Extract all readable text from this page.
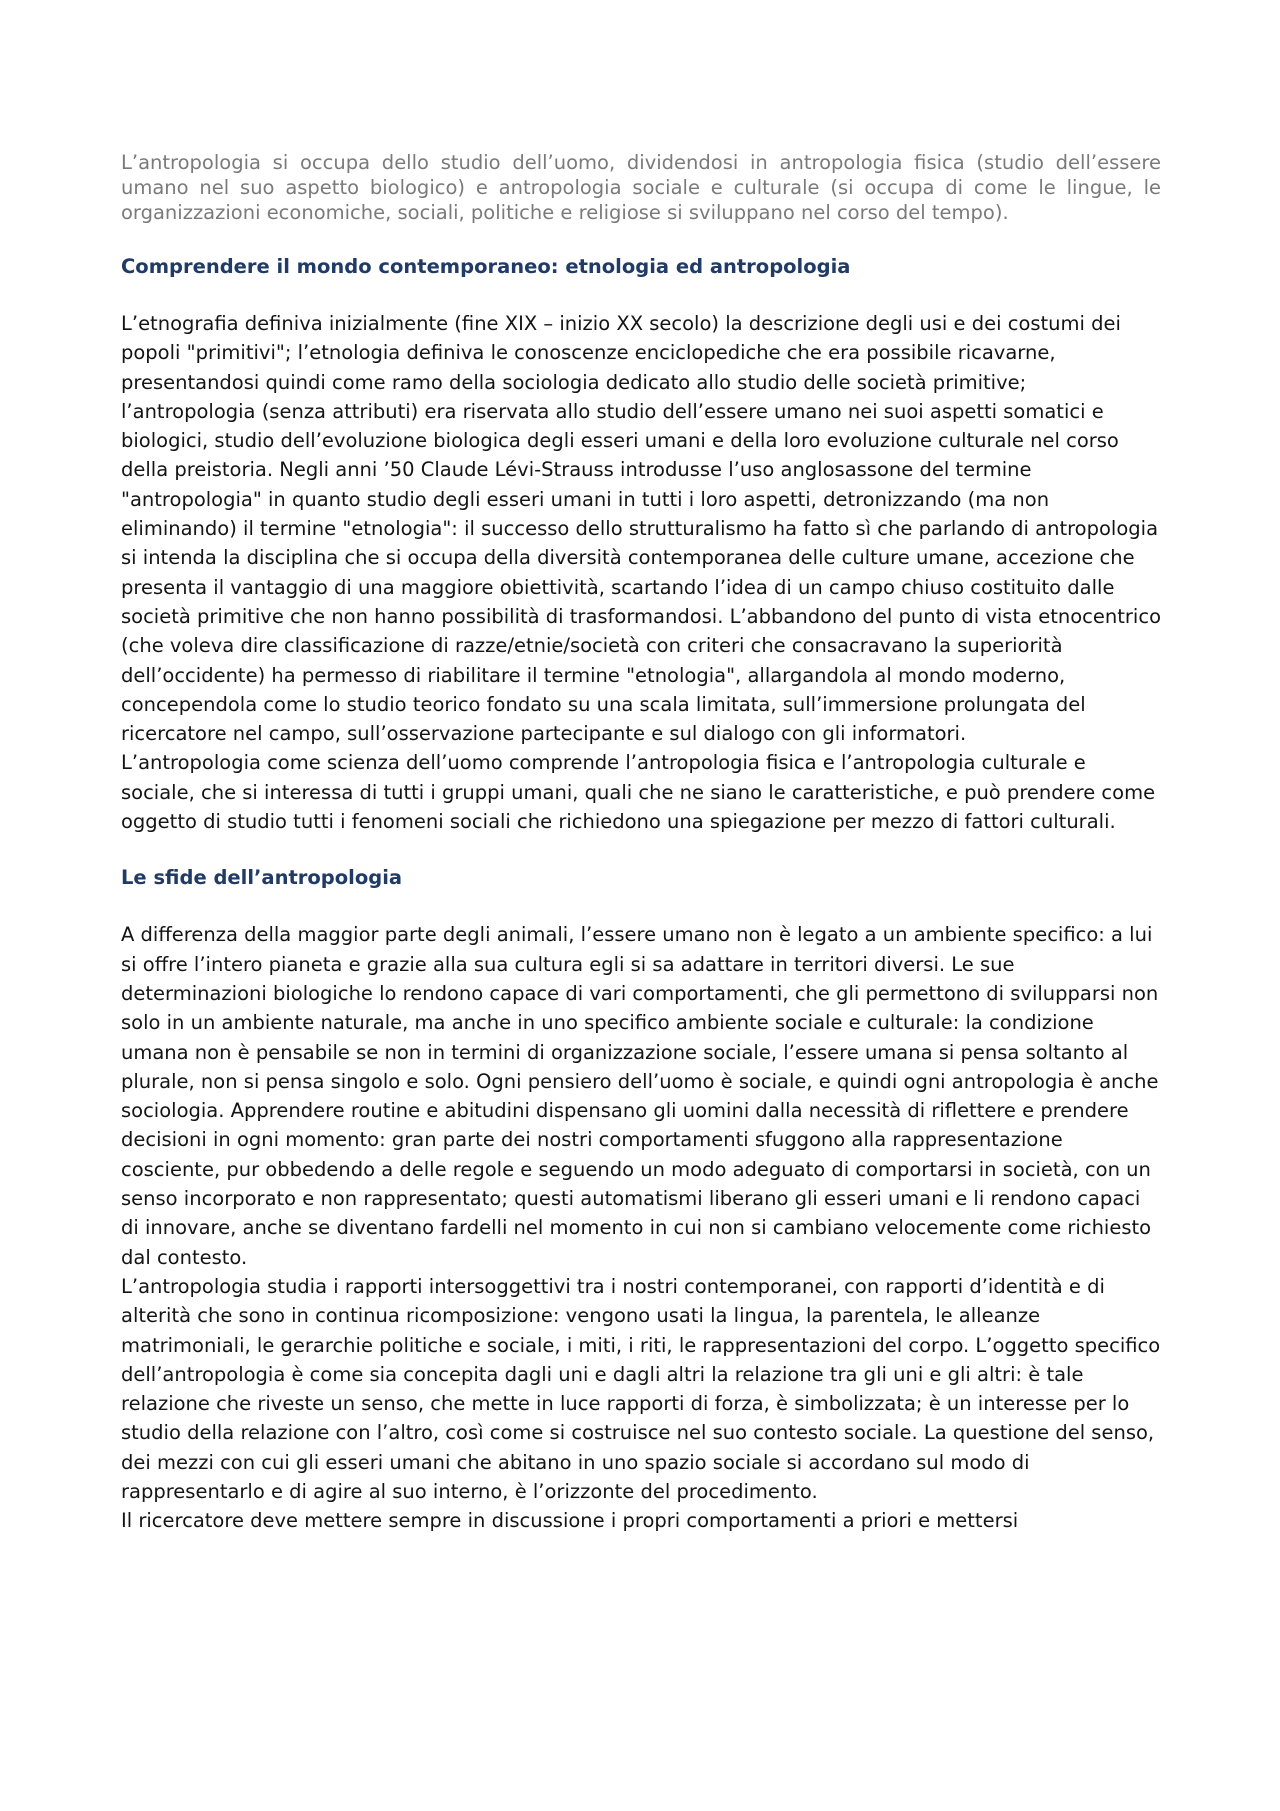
L’antropologia si occupa dello studio dell’uomo, dividendosi in antropologia fisica (studio dell’essere umano nel suo aspetto biologico) e antropologia sociale e culturale (si occupa di come le lingue, le organizzazioni economiche, sociali, politiche e religiose si sviluppano nel corso del tempo).

Comprendere il mondo contemporaneo: etnologia ed antropologia

L’etnografia definiva inizialmente (fine XIX – inizio XX secolo) la descrizione degli usi e dei costumi dei popoli "primitivi"; l’etnologia definiva le conoscenze enciclopediche che era possibile ricavarne, presentandosi quindi come ramo della sociologia dedicato allo studio delle società primitive; l’antropologia (senza attributi) era riservata allo studio dell’essere umano nei suoi aspetti somatici e biologici, studio dell’evoluzione biologica degli esseri umani e della loro evoluzione culturale nel corso della preistoria. Negli anni ’50 Claude Lévi-Strauss introdusse l’uso anglosassone del termine "antropologia" in quanto studio degli esseri umani in tutti i loro aspetti, detronizzando (ma non eliminando) il termine "etnologia": il successo dello strutturalismo ha fatto sì che parlando di antropologia si intenda la disciplina che si occupa della diversità contemporanea delle culture umane, accezione che presenta il vantaggio di una maggiore obiettività, scartando l’idea di un campo chiuso costituito dalle società primitive che non hanno possibilità di trasformandosi. L’abbandono del punto di vista etnocentrico (che voleva dire classificazione di razze/etnie/società con criteri che consacravano la superiorità dell’occidente) ha permesso di riabilitare il termine "etnologia", allargandola al mondo moderno, concependola come lo studio teorico fondato su una scala limitata, sull’immersione prolungata del ricercatore nel campo, sull’osservazione partecipante e sul dialogo con gli informatori.

L’antropologia come scienza dell’uomo comprende l’antropologia fisica e l’antropologia culturale e sociale, che si interessa di tutti i gruppi umani, quali che ne siano le caratteristiche, e può prendere come oggetto di studio tutti i fenomeni sociali che richiedono una spiegazione per mezzo di fattori culturali.

Le sfide dell’antropologia

A differenza della maggior parte degli animali, l’essere umano non è legato a un ambiente specifico: a lui si offre l’intero pianeta e grazie alla sua cultura egli si sa adattare in territori diversi. Le sue determinazioni biologiche lo rendono capace di vari comportamenti, che gli permettono di svilupparsi non solo in un ambiente naturale, ma anche in uno specifico ambiente sociale e culturale: la condizione umana non è pensabile se non in termini di organizzazione sociale, l’essere umana si pensa soltanto al plurale, non si pensa singolo e solo. Ogni pensiero dell’uomo è sociale, e quindi ogni antropologia è anche sociologia. Apprendere routine e abitudini dispensano gli uomini dalla necessità di riflettere e prendere decisioni in ogni momento: gran parte dei nostri comportamenti sfuggono alla rappresentazione cosciente, pur obbedendo a delle regole e seguendo un modo adeguato di comportarsi in società, con un senso incorporato e non rappresentato; questi automatismi liberano gli esseri umani e li rendono capaci di innovare, anche se diventano fardelli nel momento in cui non si cambiano velocemente come richiesto dal contesto.

L’antropologia studia i rapporti intersoggettivi tra i nostri contemporanei, con rapporti d’identità e di alterità che sono in continua ricomposizione: vengono usati la lingua, la parentela, le alleanze matrimoniali, le gerarchie politiche e sociale, i miti, i riti, le rappresentazioni del corpo. L’oggetto specifico dell’antropologia è come sia concepita dagli uni e dagli altri la relazione tra gli uni e gli altri: è tale relazione che riveste un senso, che mette in luce rapporti di forza, è simbolizzata; è un interesse per lo studio della relazione con l’altro, così come si costruisce nel suo contesto sociale. La questione del senso, dei mezzi con cui gli esseri umani che abitano in uno spazio sociale si accordano sul modo di rappresentarlo e di agire al suo interno, è l’orizzonte del procedimento.

Il ricercatore deve mettere sempre in discussione i propri comportamenti a priori e mettersi
